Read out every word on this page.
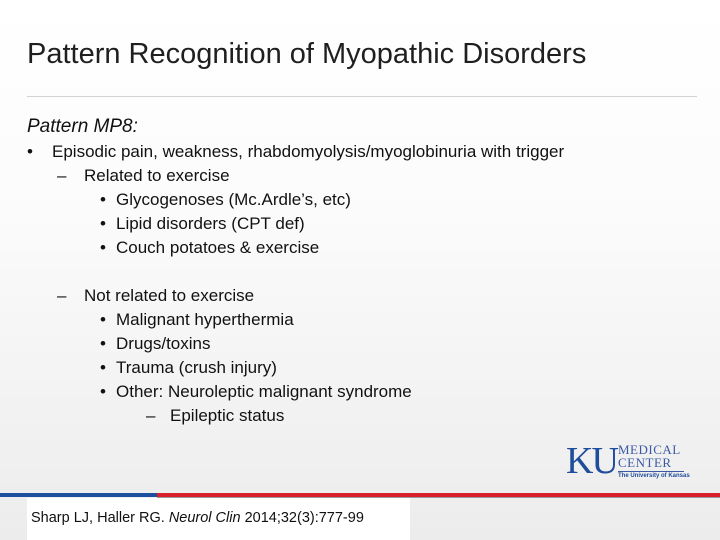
Pattern Recognition of Myopathic Disorders
Pattern MP8:
• Episodic pain, weakness, rhabdomyolysis/myoglobinuria with trigger
– Related to exercise
• Glycogenoses (Mc.Ardle’s, etc)
• Lipid disorders (CPT def)
• Couch potatoes & exercise
– Not related to exercise
• Malignant hyperthermia
• Drugs/toxins
• Trauma (crush injury)
• Other: Neuroleptic malignant syndrome
– Epileptic status
KU MEDICAL
CENTER
The University of Kansas
Sharp LJ, Haller RG. Neurol Clin 2014;32(3):777-99
